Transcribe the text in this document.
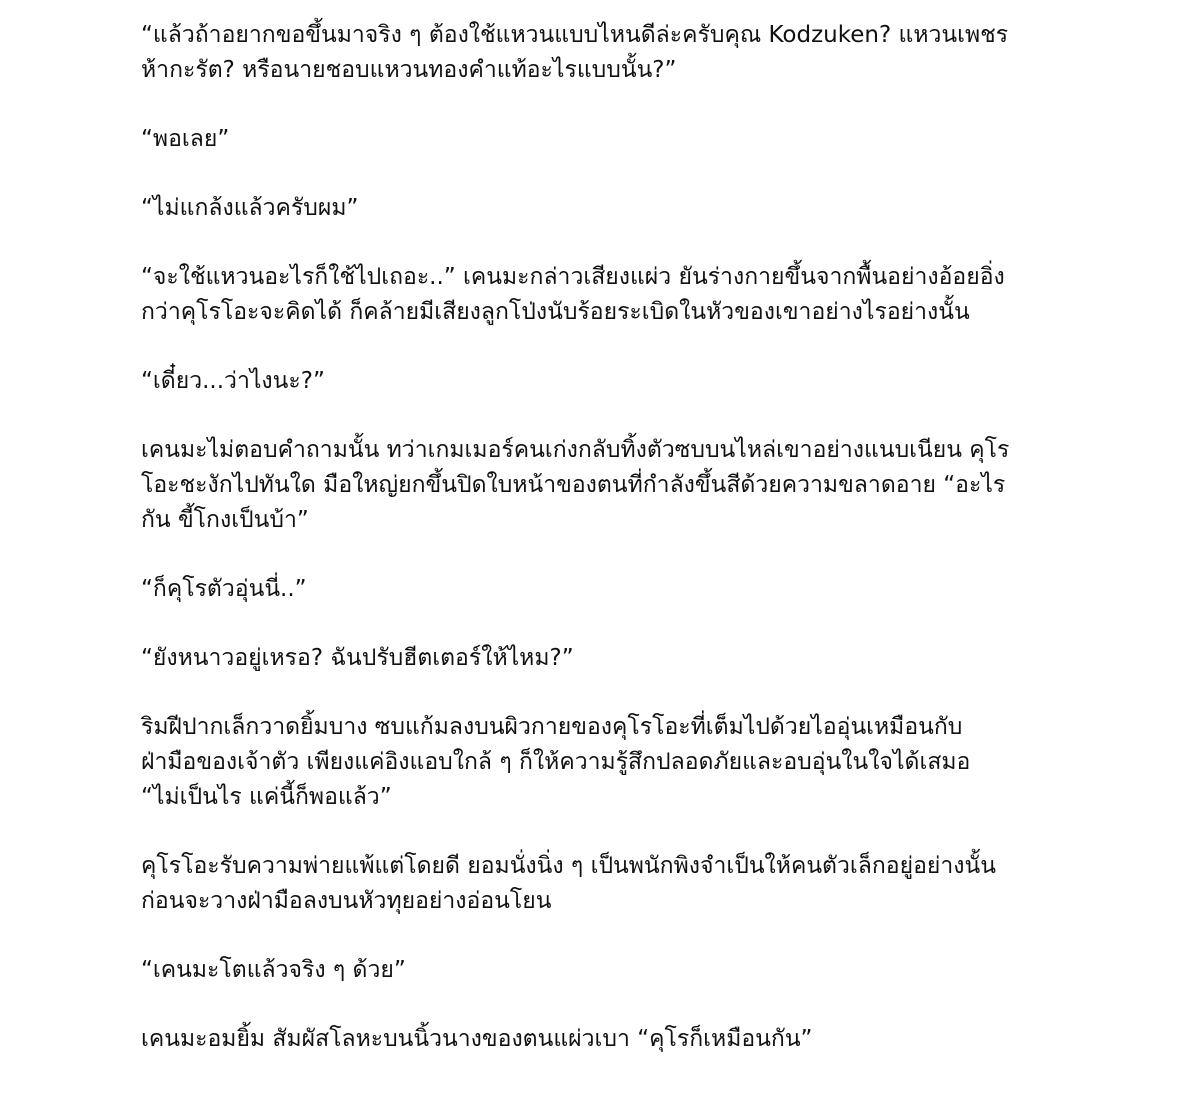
“แล้วถ้าอยากขอขึ้นมาจริง ๆ ต้องใช้แหวนแบบไหนดีล่ะครับคุณ Kodzuken? แหวนเพชร
ห้ากะรัต? หรือนายชอบแหวนทองคำแท้อะไรแบบนั้น?”

“พอเลย”

“ไม่แกล้งแล้วครับผม”

“จะใช้แหวนอะไรก็ใช้ไปเถอะ..” เคนมะกล่าวเสียงแผ่ว ยันร่างกายขึ้นจากพื้นอย่างอ้อยอิ่ง
กว่าคุโรโอะจะคิดได้ ก็คล้ายมีเสียงลูกโป่งนับร้อยระเบิดในหัวของเขาอย่างไรอย่างนั้น

“เดี๋ยว...ว่าไงนะ?”

เคนมะไม่ตอบคำถามนั้น ทว่าเกมเมอร์คนเก่งกลับทิ้งตัวซบบนไหล่เขาอย่างแนบเนียน คุโร
โอะชะงักไปทันใด มือใหญ่ยกขึ้นปิดใบหน้าของตนที่กำลังขึ้นสีด้วยความขลาดอาย “อะไร
กัน ขี้โกงเป็นบ้า”

“ก็คุโรตัวอุ่นนี่..”

“ยังหนาวอยู่เหรอ? ฉันปรับฮีตเตอร์ให้ไหม?”

ริมฝีปากเล็กวาดยิ้มบาง ซบแก้มลงบนผิวกายของคุโรโอะที่เต็มไปด้วยไออุ่นเหมือนกับ
ฝ่ามือของเจ้าตัว เพียงแค่อิงแอบใกล้ ๆ ก็ให้ความรู้สึกปลอดภัยและอบอุ่นในใจได้เสมอ
“ไม่เป็นไร แค่นี้ก็พอแล้ว”

คุโรโอะรับความพ่ายแพ้แต่โดยดี ยอมนั่งนิ่ง ๆ เป็นพนักพิงจำเป็นให้คนตัวเล็กอยู่อย่างนั้น
ก่อนจะวางฝ่ามือลงบนหัวทุยอย่างอ่อนโยน

“เคนมะโตแล้วจริง ๆ ด้วย”

เคนมะอมยิ้ม สัมผัสโลหะบนนิ้วนางของตนแผ่วเบา “คุโรก็เหมือนกัน”
